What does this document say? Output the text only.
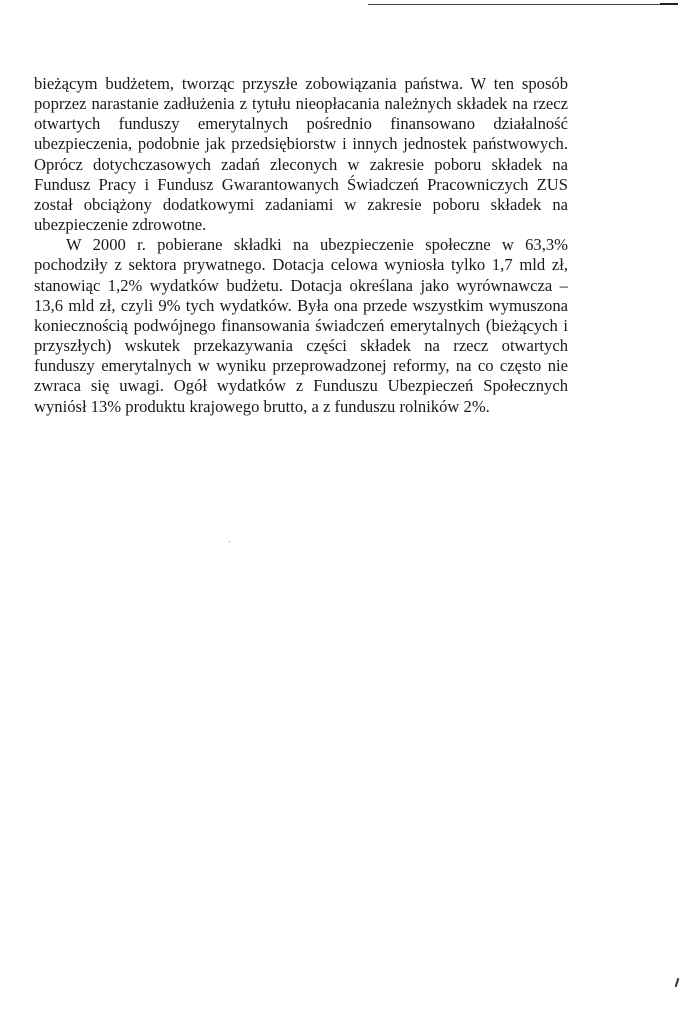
bieżącym budżetem, tworząc przyszłe zobowiązania państwa. W ten sposób poprzez narastanie zadłużenia z tytułu nieopłacania należnych składek na rzecz otwartych funduszy emerytalnych pośrednio finansowano działalność ubezpieczenia, podobnie jak przedsiębiorstw i innych jednostek państwowych. Oprócz dotychczasowych zadań zleconych w zakresie poboru składek na Fundusz Pracy i Fundusz Gwarantowanych Świadczeń Pracowniczych ZUS został obciążony dodatkowymi zadaniami w zakresie poboru składek na ubezpieczenie zdrowotne.

W 2000 r. pobierane składki na ubezpieczenie społeczne w 63,3% pochodziły z sektora prywatnego. Dotacja celowa wyniosła tylko 1,7 mld zł, stanowiąc 1,2% wydatków budżetu. Dotacja określana jako wyrównawcza – 13,6 mld zł, czyli 9% tych wydatków. Była ona przede wszystkim wymuszona koniecznością podwójnego finansowania świadczeń emerytalnych (bieżących i przyszłych) wskutek przekazywania części składek na rzecz otwartych funduszy emerytalnych w wyniku przeprowadzonej reformy, na co często nie zwraca się uwagi. Ogół wydatków z Funduszu Ubezpieczeń Społecznych wyniósł 13% produktu krajowego brutto, a z funduszu rolników 2%.
